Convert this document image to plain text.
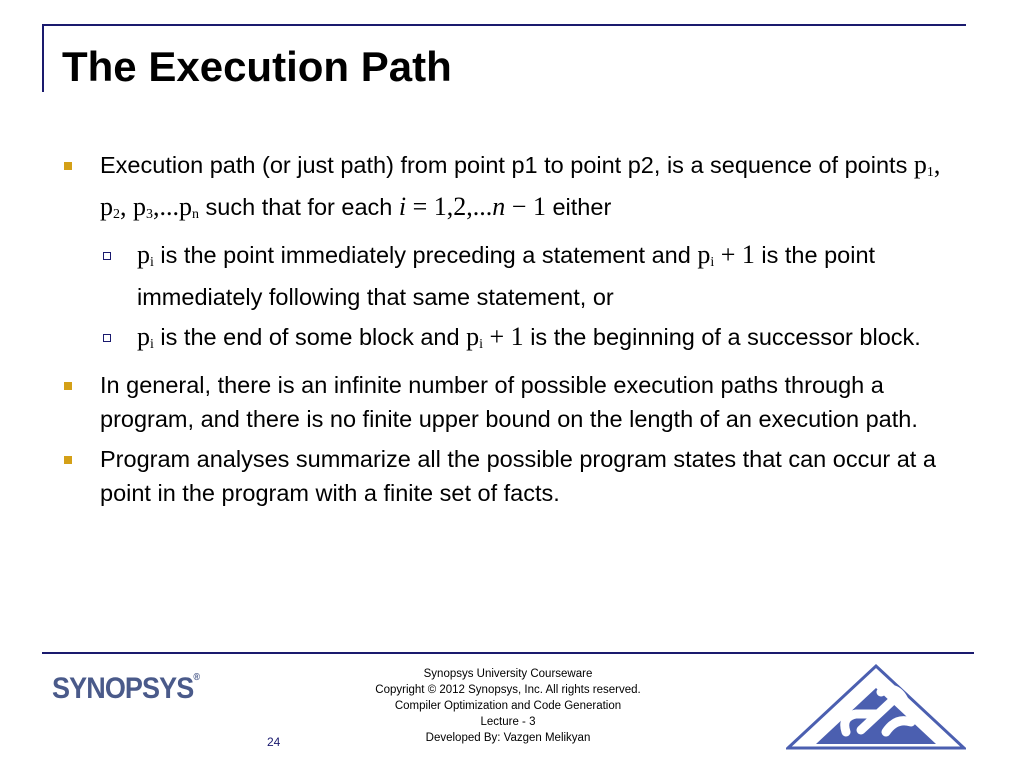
The Execution Path
Execution path (or just path) from point p1 to point p2, is a sequence of points $p_1$, $p_2$, $p_3,...p_n$ such that for each i = 1,2,...n − 1 either
$p_i$ is the point immediately preceding a statement and $p_i + 1$ is the point immediately following that same statement, or
$p_i$ is the end of some block and $p_i + 1$ is the beginning of a successor block.
In general, there is an infinite number of possible execution paths through a program, and there is no finite upper bound on the length of an execution path.
Program analyses summarize all the possible program states that can occur at a point in the program with a finite set of facts.
SYNOPSYS®
24
Synopsys University Courseware
Copyright © 2012 Synopsys, Inc. All rights reserved.
Compiler Optimization and Code Generation
Lecture - 3
Developed By: Vazgen Melikyan
